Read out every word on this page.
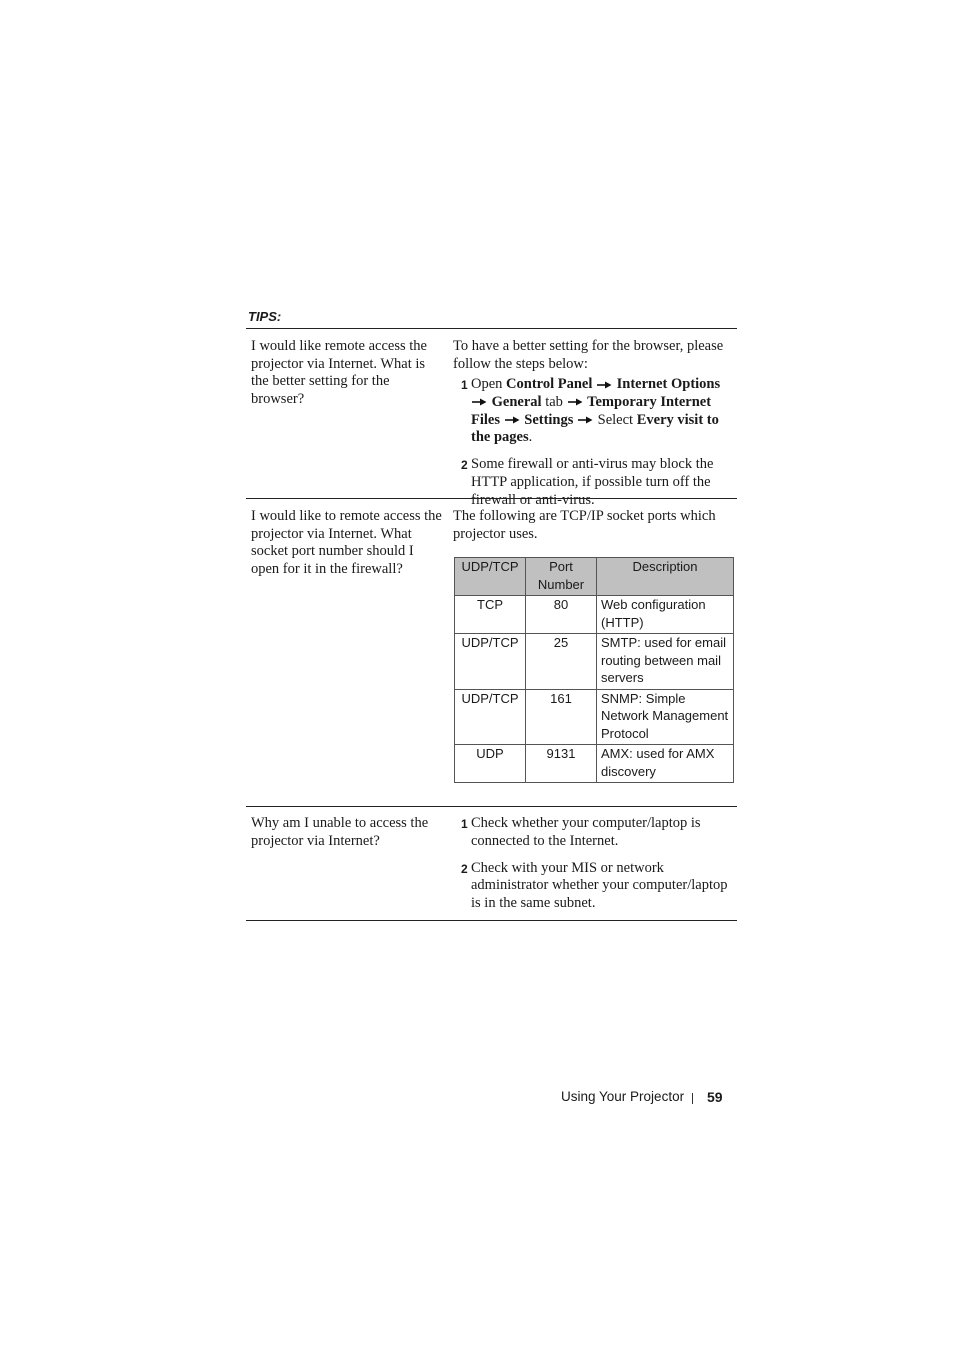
TIPS:
I would like remote access the projector via Internet. What is the better setting for the browser?

To have a better setting for the browser, please follow the steps below:

1 Open Control Panel Internet Options  General tab Temporary Internet Files Settings Select Every visit to the pages.
2 Some firewall or anti-virus may block the HTTP application, if possible turn off the firewall or anti-virus.
I would like to remote access the projector via Internet. What socket port number should I open for it in the firewall?

The following are TCP/IP socket ports which projector uses.

UDP/TCP	Port Number	Description
TCP	80	Web configuration (HTTP)
UDP/TCP	25	SMTP: used for email routing between mail servers
UDP/TCP	161	SNMP: Simple Network Management Protocol
UDP	9131	AMX: used for AMX discovery
Why am I unable to access the projector via Internet?
1 Check whether your computer/laptop is connected to the Internet.
2 Check with your MIS or network administrator whether your computer/laptop is in the same subnet.
Using Your Projector 59
